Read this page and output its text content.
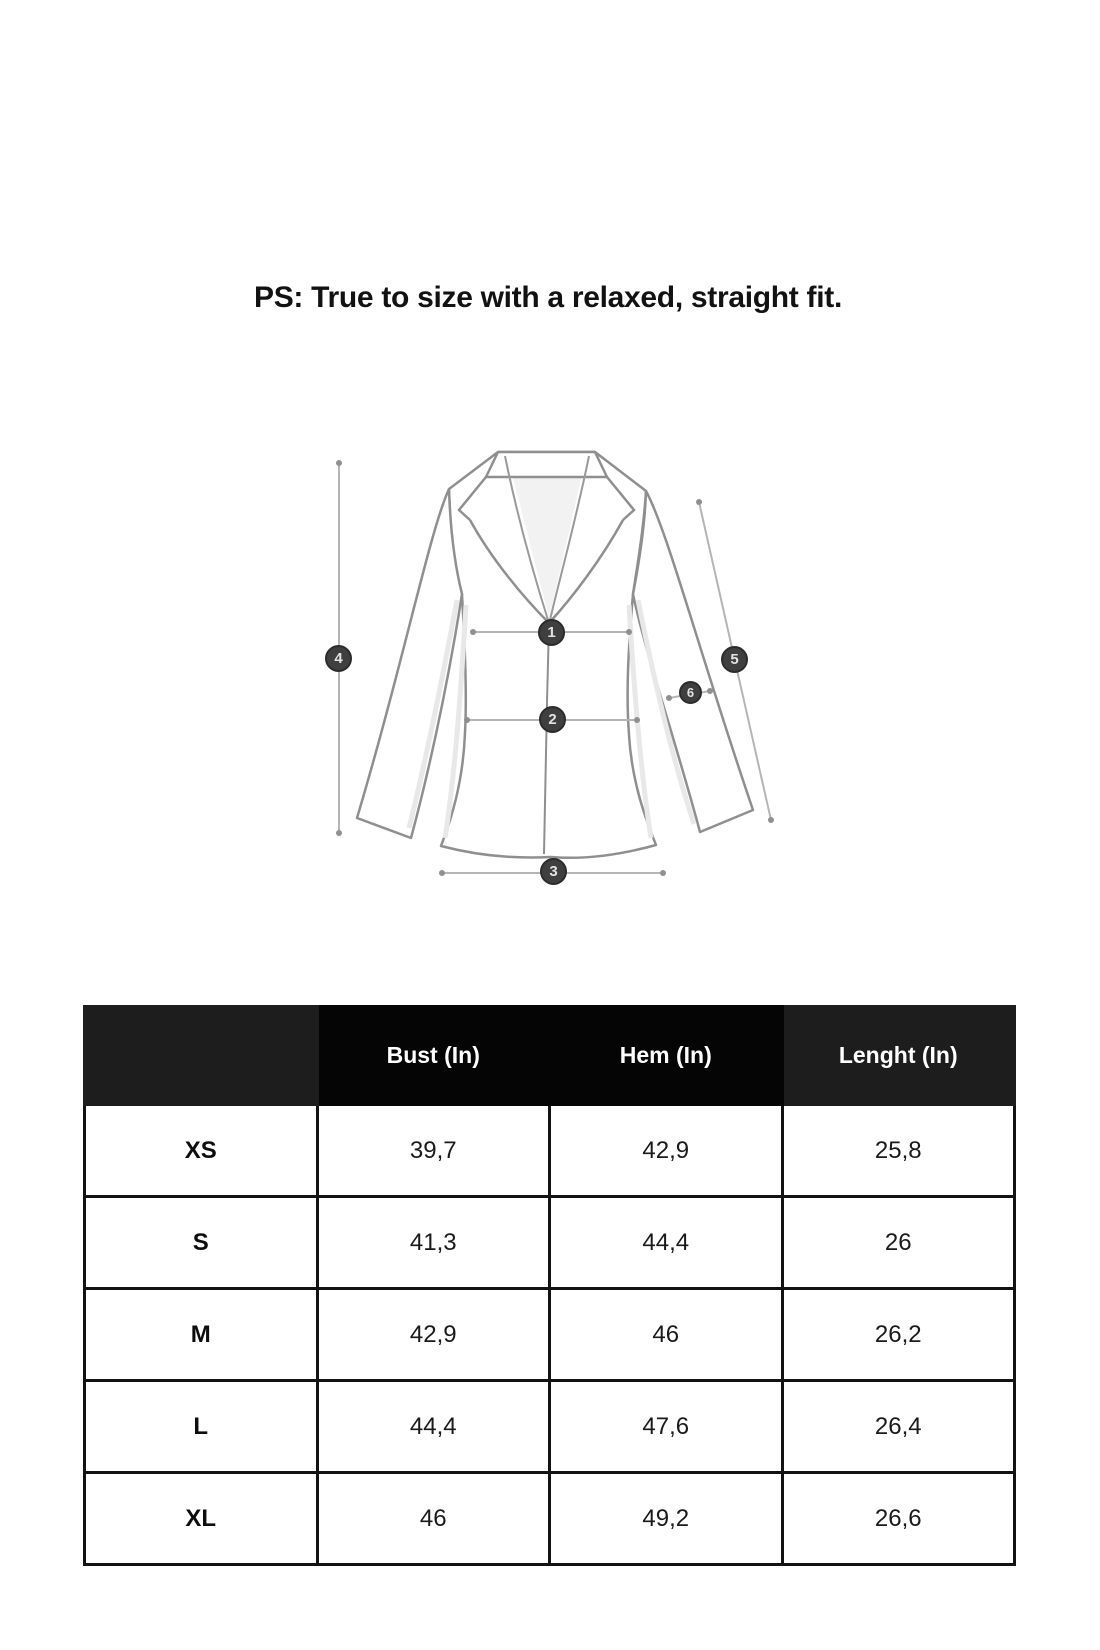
PS: True to size with a relaxed, straight fit.
1
2
3
4	5
6
	Bust (In)	Hem (In)	Lenght (In)
XS	39,7	42,9	25,8
S	41,3	44,4	26
M	42,9	46	26,2
L	44,4	47,6	26,4
XL	46	49,2	26,6
